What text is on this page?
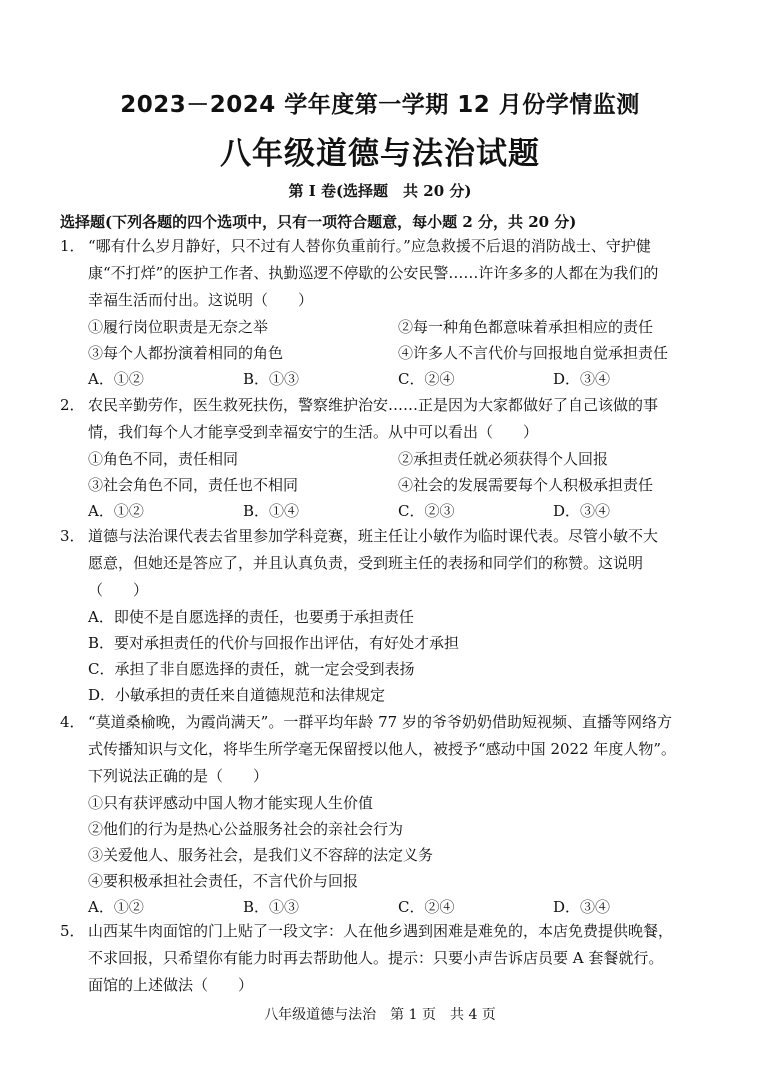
2023－2024 学年度第一学期 12 月份学情监测
八年级道德与法治试题
第 I 卷(选择题　共 20 分)
选择题(下列各题的四个选项中，只有一项符合题意，每小题 2 分，共 20 分)
1． “哪有什么岁月静好，只不过有人替你负重前行。”应急救援不后退的消防战士、守护健
康“不打烊”的医护工作者、执勤巡逻不停歇的公安民警……许许多多的人都在为我们的
幸福生活而付出。这说明（　　）
①履行岗位职责是无奈之举	②每一种角色都意味着承担相应的责任
③每个人都扮演着相同的角色	④许多人不言代价与回报地自觉承担责任
A．①②	B．①③	C．②④	D．③④
2． 农民辛勤劳作，医生救死扶伤，警察维护治安……正是因为大家都做好了自己该做的事
情，我们每个人才能享受到幸福安宁的生活。从中可以看出（　　）
①角色不同，责任相同	②承担责任就必须获得个人回报
③社会角色不同，责任也不相同	④社会的发展需要每个人积极承担责任
A．①②	B．①④	C．②③	D．③④
3． 道德与法治课代表去省里参加学科竞赛，班主任让小敏作为临时课代表。尽管小敏不大
愿意，但她还是答应了，并且认真负责，受到班主任的表扬和同学们的称赞。这说明
（　　）
A．即使不是自愿选择的责任，也要勇于承担责任
B．要对承担责任的代价与回报作出评估，有好处才承担
C．承担了非自愿选择的责任，就一定会受到表扬
D．小敏承担的责任来自道德规范和法律规定
4． “莫道桑榆晚，为霞尚满天”。一群平均年龄 77 岁的爷爷奶奶借助短视频、直播等网络方
式传播知识与文化，将毕生所学毫无保留授以他人，被授予“感动中国 2022 年度人物”。
下列说法正确的是（　　）
①只有获评感动中国人物才能实现人生价值
②他们的行为是热心公益服务社会的亲社会行为
③关爱他人、服务社会，是我们义不容辞的法定义务
④要积极承担社会责任，不言代价与回报
A．①②	B．①③	C．②④	D．③④
5． 山西某牛肉面馆的门上贴了一段文字：人在他乡遇到困难是难免的，本店免费提供晚餐，
不求回报，只希望你有能力时再去帮助他人。提示：只要小声告诉店员要 A 套餐就行。
面馆的上述做法（　　）
八年级道德与法治　第 1 页　共 4 页
